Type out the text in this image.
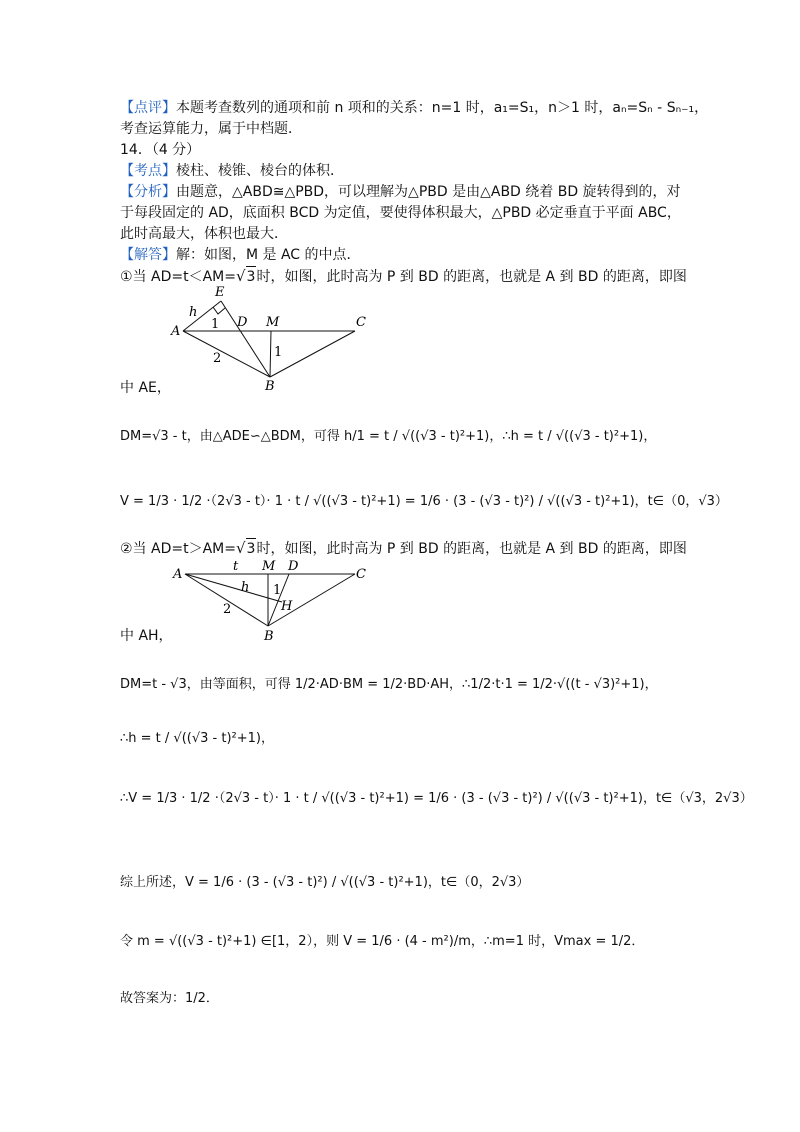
【点评】本题考查数列的通项和前 n 项和的关系：n=1 时，a₁=S₁，n＞1 时，aₙ=Sₙ - Sₙ₋₁，
考查运算能力，属于中档题．
14．（4 分）
【考点】棱柱、棱锥、棱台的体积．
【分析】由题意，△ABD≅△PBD，可以理解为△PBD 是由△ABD 绕着 BD 旋转得到的，对
于每段固定的 AD，底面积 BCD 为定值，要使得体积最大，△PBD 必定垂直于平面 ABC，
此时高最大，体积也最大．
【解答】解：如图，M 是 AC 的中点．
①当 AD=t＜AM=√3时，如图，此时高为 P 到 BD 的距离，也就是 A 到 BD 的距离，即图
A
E
h
1 D M	C
1
2
B
中 AE，
DM=√3 - t，由△ADE∽△BDM，可得 h/1 = t / √((√3 - t)²+1)，∴h = t / √((√3 - t)²+1)，
V = 1/3 · 1/2 ·（2√3 - t）· 1 · t / √((√3 - t)²+1) = 1/6 · (3 - (√3 - t)²) / √((√3 - t)²+1)，t∈（0，√3）
②当 AD=t＞AM=√3时，如图，此时高为 P 到 BD 的距离，也就是 A 到 BD 的距离，即图
A
t M D
C
h 1
2	H
B
中 AH，
DM=t - √3，由等面积，可得 1/2·AD·BM = 1/2·BD·AH，∴1/2·t·1 = 1/2·√((t - √3)²+1)，
∴h = t / √((√3 - t)²+1)，
∴V = 1/3 · 1/2 ·（2√3 - t）· 1 · t / √((√3 - t)²+1) = 1/6 · (3 - (√3 - t)²) / √((√3 - t)²+1)，t∈（√3，2√3）
综上所述，V = 1/6 · (3 - (√3 - t)²) / √((√3 - t)²+1)，t∈（0，2√3）
令 m = √((√3 - t)²+1) ∈[1，2），则 V = 1/6 · (4 - m²)/m，∴m=1 时，Vmax = 1/2．
故答案为：1/2．
